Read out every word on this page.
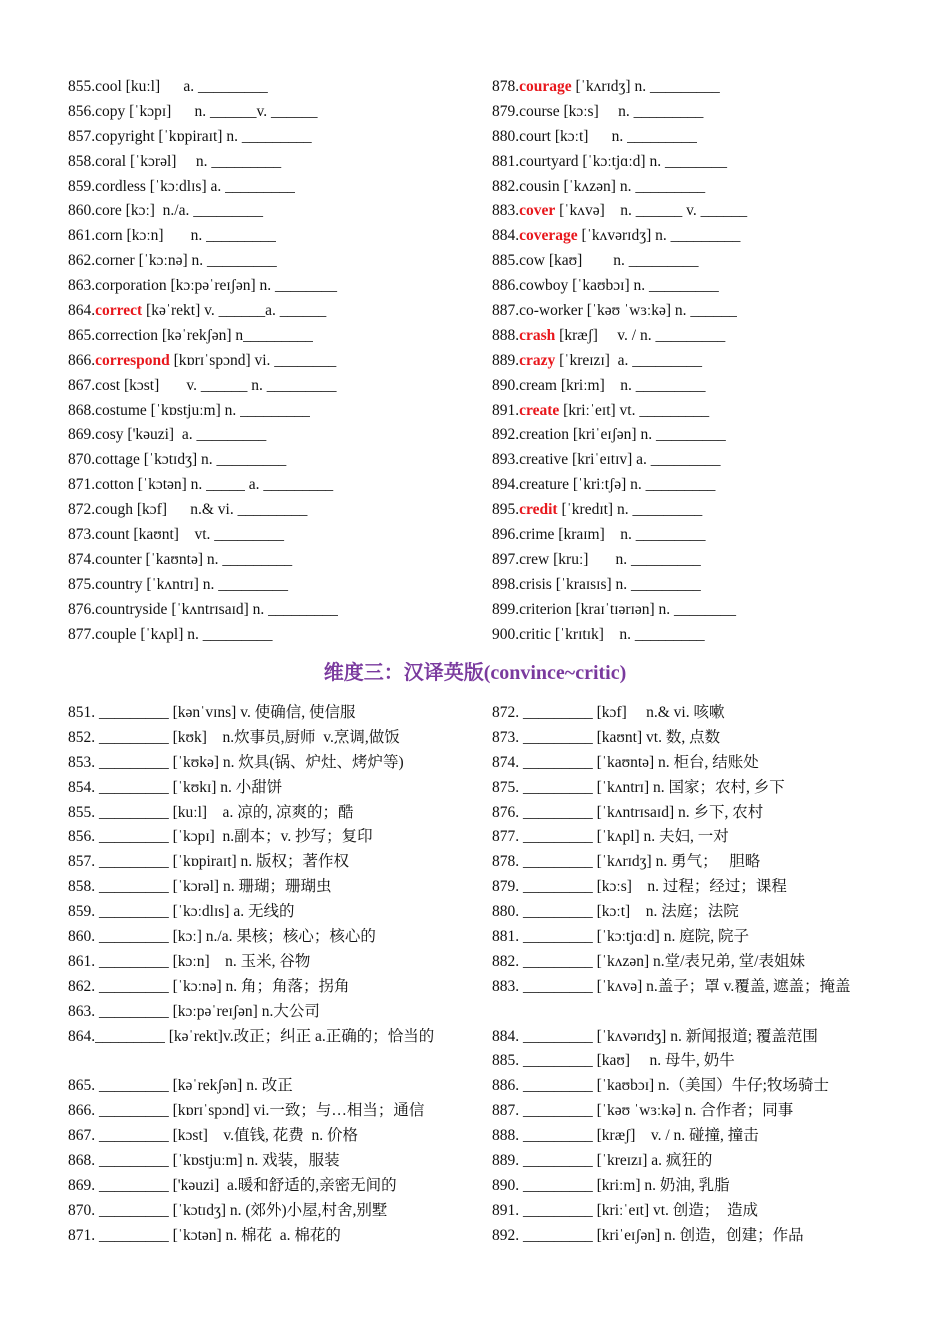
855.cool [kuːl]      a. _________
856.copy [ˈkɔpɪ]      n. ______v. ______
857.copyright [ˈkɒpiraɪt] n. _________
858.coral [ˈkɔrəl]     n. _________
859.cordless [ˈkɔːdlɪs] a. _________
860.core [kɔː]  n./a. _________
861.corn [kɔːn]       n. _________
862.corner [ˈkɔːnə] n. _________
863.corporation [kɔːpəˈreɪʃən] n. ________
864.correct [kəˈrekt] v. ______a. ______
865.correction [kəˈrekʃən] n_________
866.correspond [kɒrɪˈspɔnd] vi. ________
867.cost [kɔst]       v. ______ n. _________
868.costume [ˈkɒstjuːm] n. _________
869.cosy ['kəuzi]  a. _________
870.cottage [ˈkɔtɪdʒ] n. _________
871.cotton [ˈkɔtən] n. _____ a. _________
872.cough [kɔf]      n.& vi. _________
873.count [kaʊnt]    vt. _________
874.counter [ˈkaʊntə] n. _________
875.country [ˈkʌntrɪ] n. _________
876.countryside [ˈkʌntrɪsaɪd] n. _________
877.couple [ˈkʌpl] n. _________
878.courage [ˈkʌrɪdʒ] n. _________
879.course [kɔːs]     n. _________
880.court [kɔːt]      n. _________
881.courtyard [ˈkɔːtjɑːd] n. ________
882.cousin [ˈkʌzən] n. _________
883.cover [ˈkʌvə]    n. ______ v. ______
884.coverage [ˈkʌvərɪdʒ] n. _________
885.cow [kaʊ]        n. _________
886.cowboy [ˈkaʊbɔɪ] n. _________
887.co-worker [ˈkəʊ ˈwɜːkə] n. ______
888.crash [kræʃ]     v. / n. _________
889.crazy [ˈkreɪzɪ]  a. _________
890.cream [kriːm]    n. _________
891.create [kriːˈeɪt] vt. _________
892.creation [kriˈeɪʃən] n. _________
893.creative [kriˈeɪtɪv] a. _________
894.creature [ˈkriːtʃə] n. _________
895.credit [ˈkredɪt] n. _________
896.crime [kraɪm]    n. _________
897.crew [kruː]       n. _________
898.crisis [ˈkraɪsɪs] n. _________
899.criterion [kraɪˈtɪərɪən] n. ________
900.critic [ˈkrɪtɪk]    n. _________
维度三：汉译英版(convince~critic)
851. _________ [kənˈvɪns] v. 使确信, 使信服
852. _________ [kʊk]    n.炊事员,厨师  v.烹调,做饭
853. _________ [ˈkʊkə] n. 炊具(锅、炉灶、烤炉等)
854. _________ [ˈkʊkɪ] n. 小甜饼
855. _________ [kuːl]    a. 凉的, 凉爽的；酷
856. _________ [ˈkɔpɪ]  n.副本；v. 抄写；复印
857. _________ [ˈkɒpiraɪt] n. 版权；著作权
858. _________ [ˈkɔrəl] n. 珊瑚；珊瑚虫
859. _________ [ˈkɔːdlɪs] a. 无线的
860. _________ [kɔː] n./a. 果核；核心；核心的
861. _________ [kɔːn]    n. 玉米, 谷物
862. _________ [ˈkɔːnə] n. 角；角落；拐角
863. _________ [kɔːpəˈreɪʃən] n.大公司
864._________ [kəˈrekt]v.改正；纠正 a.正确的；恰当的
865. _________ [kəˈrekʃən] n. 改正
866. _________ [kɒrɪˈspɔnd] vi.一致；与…相当；通信
867. _________ [kɔst]    v.值钱, 花费  n. 价格
868. _________ [ˈkɒstjuːm] n. 戏装，服装
869. _________ ['kəuzi]  a.暖和舒适的,亲密无间的
870. _________ [ˈkɔtɪdʒ] n. (郊外)小屋,村舍,别墅
871. _________ [ˈkɔtən] n. 棉花  a. 棉花的
872. _________ [kɔf]     n.& vi. 咳嗽
873. _________ [kaʊnt] vt. 数, 点数
874. _________ [ˈkaʊntə] n. 柜台, 结账处
875. _________ [ˈkʌntrɪ] n. 国家；农村, 乡下
876. _________ [ˈkʌntrɪsaɪd] n. 乡下, 农村
877. _________ [ˈkʌpl] n. 夫妇, 一对
878. _________ [ˈkʌrɪdʒ] n. 勇气；   胆略
879. _________ [kɔːs]    n. 过程；经过；课程
880. _________ [kɔːt]    n. 法庭；法院
881. _________ [ˈkɔːtjɑːd] n. 庭院, 院子
882. _________ [ˈkʌzən] n.堂/表兄弟, 堂/表姐妹
883. _________ [ˈkʌvə] n.盖子；罩 v.覆盖, 遮盖；掩盖
884. _________ [ˈkʌvərɪdʒ] n. 新闻报道; 覆盖范围
885. _________ [kaʊ]     n. 母牛, 奶牛
886. _________ [ˈkaʊbɔɪ] n.（美国）牛仔;牧场骑士
887. _________ [ˈkəʊ ˈwɜːkə] n. 合作者；同事
888. _________ [kræʃ]    v. / n. 碰撞, 撞击
889. _________ [ˈkreɪzɪ] a. 疯狂的
890. _________ [kriːm] n. 奶油, 乳脂
891. _________ [kriːˈeɪt] vt. 创造；  造成
892. _________ [kriˈeɪʃən] n. 创造，创建；作品
